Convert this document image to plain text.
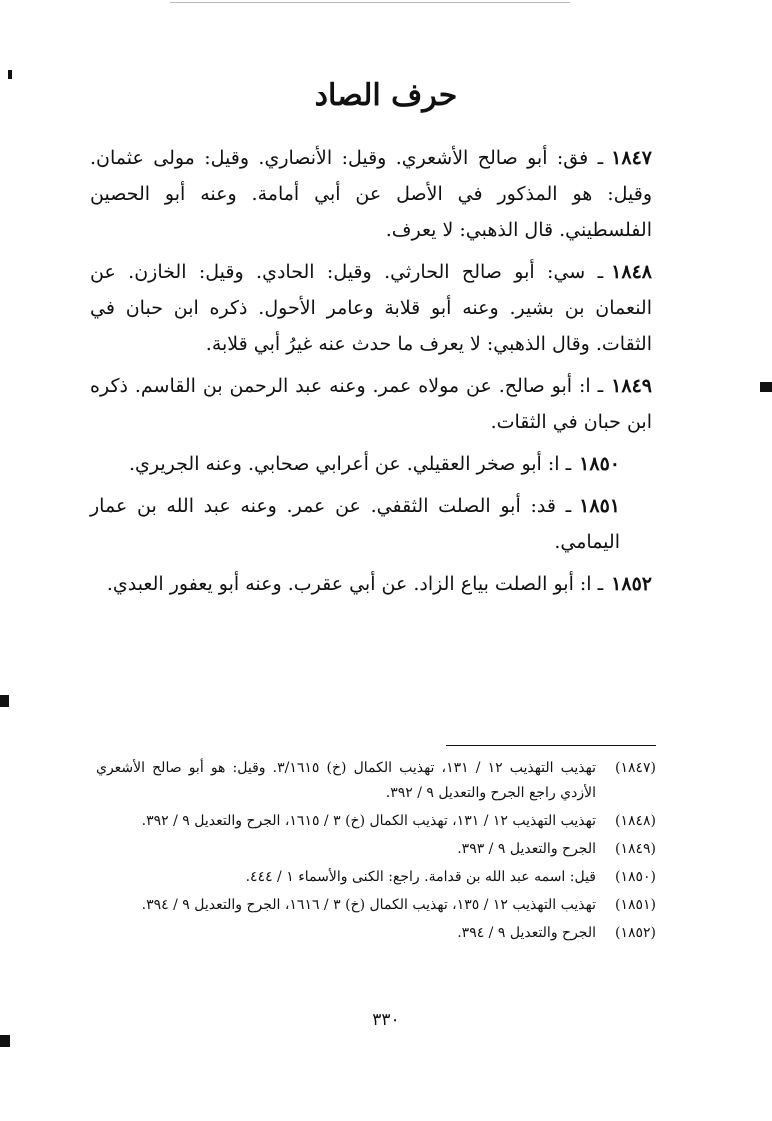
حرف الصاد

١٨٤٧ـ فق: أبو صالح الأشعري. وقيل: الأنصاري. وقيل: مولى عثمان. وقيل: هو المذكور في الأصل عن أبي أمامة. وعنه أبو الحصين الفلسطيني. قال الذهبي: لا يعرف.

١٨٤٨ـ سي: أبو صالح الحارثي. وقيل: الحادي. وقيل: الخازن. عن النعمان بن بشير. وعنه أبو قلابة وعامر الأحول. ذكره ابن حبان في الثقات. وقال الذهبي: لا يعرف ما حدث عنه غيرُ أبي قلابة.

١٨٤٩ـ ا: أبو صالح. عن مولاه عمر. وعنه عبد الرحمن بن القاسم. ذكره ابن حبان في الثقات.

١٨٥٠ـ ا: أبو صخر العقيلي. عن أعرابي صحابي. وعنه الجريري.

١٨٥١ـ قد: أبو الصلت الثقفي. عن عمر. وعنه عبد الله بن عمار اليمامي.

١٨٥٢ـ ا: أبو الصلت بياع الزاد. عن أبي عقرب. وعنه أبو يعفور العبدي.

(١٨٤٧)
تهذيب التهذيب ١٢ / ١٣١، تهذيب الكمال (خ) ٣/١٦١٥. وقيل: هو أبو صالح الأشعري الأزدي راجع الجرح والتعديل ٩ / ٣٩٢.
(١٨٤٨)
تهذيب التهذيب ١٢ / ١٣١، تهذيب الكمال (خ) ٣ / ١٦١٥، الجرح والتعديل ٩ / ٣٩٢.
(١٨٤٩)
الجرح والتعديل ٩ / ٣٩٣.
(١٨٥٠)
قيل: اسمه عبد الله بن قدامة. راجع: الكنى والأسماء ١ / ٤٤٤.
(١٨٥١)
تهذيب التهذيب ١٢ / ١٣٥، تهذيب الكمال (خ) ٣ / ١٦١٦، الجرح والتعديل ٩ / ٣٩٤.
(١٨٥٢)
الجرح والتعديل ٩ / ٣٩٤.
٣٣٠
